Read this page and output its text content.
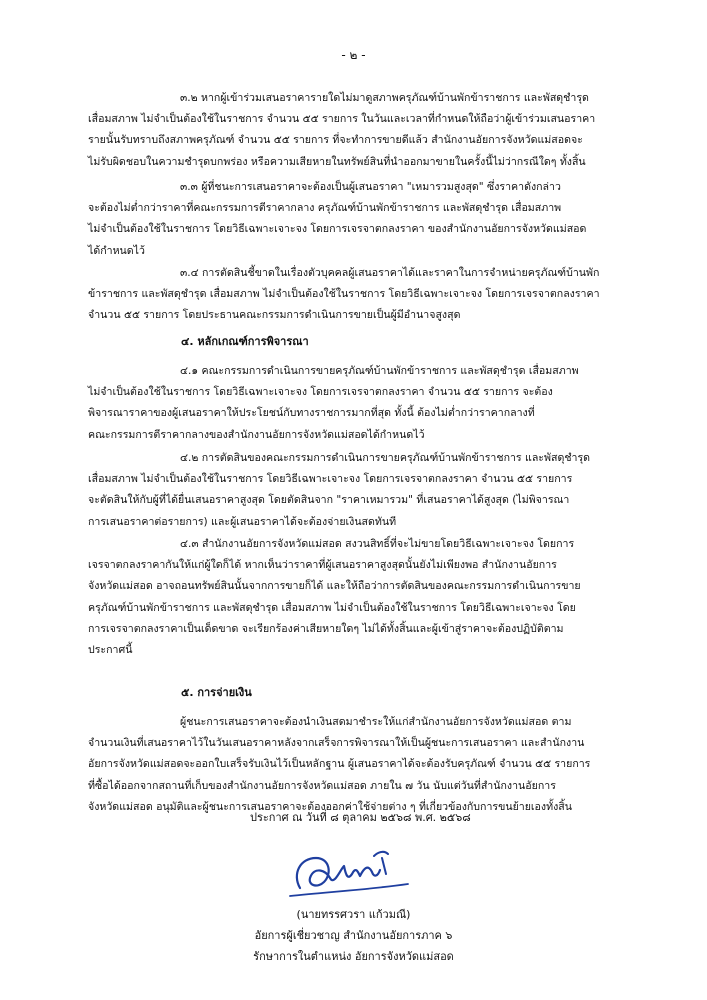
- ๒ -

๓.๒ หากผู้เข้าร่วมเสนอราคารายใดไม่มาดูสภาพครุภัณฑ์บ้านพักข้าราชการ และพัสดุชำรุด
เสื่อมสภาพ ไม่จำเป็นต้องใช้ในราชการ จำนวน ๕๕ รายการ ในวันและเวลาที่กำหนดให้ถือว่าผู้เข้าร่วมเสนอราคา
รายนั้นรับทราบถึงสภาพครุภัณฑ์ จำนวน ๕๕ รายการ ที่จะทำการขายดีแล้ว สำนักงานอัยการจังหวัดแม่สอดจะ
ไม่รับผิดชอบในความชำรุดบกพร่อง หรือความเสียหายในทรัพย์สินที่นำออกมาขายในครั้งนี้ไม่ว่ากรณีใดๆ ทั้งสิ้น

๓.๓ ผู้ที่ชนะการเสนอราคาจะต้องเป็นผู้เสนอราคา "เหมารวมสูงสุด" ซึ่งราคาดังกล่าว
จะต้องไม่ต่ำกว่าราคาที่คณะกรรมการตีราคากลาง ครุภัณฑ์บ้านพักข้าราชการ และพัสดุชำรุด เสื่อมสภาพ
ไม่จำเป็นต้องใช้ในราชการ โดยวิธีเฉพาะเจาะจง โดยการเจรจาตกลงราคา ของสำนักงานอัยการจังหวัดแม่สอด
ได้กำหนดไว้

๓.๔ การตัดสินชี้ขาดในเรื่องตัวบุคคลผู้เสนอราคาได้และราคาในการจำหน่ายครุภัณฑ์บ้านพัก
ข้าราชการ และพัสดุชำรุด เสื่อมสภาพ ไม่จำเป็นต้องใช้ในราชการ โดยวิธีเฉพาะเจาะจง โดยการเจรจาตกลงราคา
จำนวน ๕๕ รายการ โดยประธานคณะกรรมการดำเนินการขายเป็นผู้มีอำนาจสูงสุด

๔. หลักเกณฑ์การพิจารณา

๔.๑ คณะกรรมการดำเนินการขายครุภัณฑ์บ้านพักข้าราชการ และพัสดุชำรุด เสื่อมสภาพ
ไม่จำเป็นต้องใช้ในราชการ โดยวิธีเฉพาะเจาะจง โดยการเจรจาตกลงราคา จำนวน ๕๕ รายการ จะต้อง
พิจารณาราคาของผู้เสนอราคาให้ประโยชน์กับทางราชการมากที่สุด ทั้งนี้ ต้องไม่ต่ำกว่าราคากลางที่
คณะกรรมการตีราคากลางของสำนักงานอัยการจังหวัดแม่สอดได้กำหนดไว้

๔.๒ การตัดสินของคณะกรรมการดำเนินการขายครุภัณฑ์บ้านพักข้าราชการ และพัสดุชำรุด
เสื่อมสภาพ ไม่จำเป็นต้องใช้ในราชการ โดยวิธีเฉพาะเจาะจง โดยการเจรจาตกลงราคา จำนวน ๕๕ รายการ
จะตัดสินให้กับผู้ที่ได้ยื่นเสนอราคาสูงสุด โดยตัดสินจาก "ราคาเหมารวม" ที่เสนอราคาได้สูงสุด (ไม่พิจารณา
การเสนอราคาต่อรายการ) และผู้เสนอราคาได้จะต้องจ่ายเงินสดทันที

๔.๓ สำนักงานอัยการจังหวัดแม่สอด สงวนสิทธิ์ที่จะไม่ขายโดยวิธีเฉพาะเจาะจง โดยการ
เจรจาตกลงราคากันให้แก่ผู้ใดก็ได้ หากเห็นว่าราคาที่ผู้เสนอราคาสูงสุดนั้นยังไม่เพียงพอ สำนักงานอัยการ
จังหวัดแม่สอด อาจถอนทรัพย์สินนั้นจากการขายก็ได้ และให้ถือว่าการตัดสินของคณะกรรมการดำเนินการขาย
ครุภัณฑ์บ้านพักข้าราชการ และพัสดุชำรุด เสื่อมสภาพ ไม่จำเป็นต้องใช้ในราชการ โดยวิธีเฉพาะเจาะจง โดย
การเจรจาตกลงราคาเป็นเด็ดขาด จะเรียกร้องค่าเสียหายใดๆ ไม่ได้ทั้งสิ้นและผู้เข้าสู่ราคาจะต้องปฏิบัติตาม
ประกาศนี้

๕. การจ่ายเงิน

ผู้ชนะการเสนอราคาจะต้องนำเงินสดมาชำระให้แก่สำนักงานอัยการจังหวัดแม่สอด ตาม
จำนวนเงินที่เสนอราคาไว้ในวันเสนอราคาหลังจากเสร็จการพิจารณาให้เป็นผู้ชนะการเสนอราคา และสำนักงาน
อัยการจังหวัดแม่สอดจะออกใบเสร็จรับเงินไว้เป็นหลักฐาน ผู้เสนอราคาได้จะต้องรับครุภัณฑ์ จำนวน ๕๕ รายการ
ที่ซื้อได้ออกจากสถานที่เก็บของสำนักงานอัยการจังหวัดแม่สอด ภายใน ๗ วัน นับแต่วันที่สำนักงานอัยการ
จังหวัดแม่สอด อนุมัติและผู้ชนะการเสนอราคาจะต้องออกค่าใช้จ่ายต่าง ๆ ที่เกี่ยวข้องกับการขนย้ายเองทั้งสิ้น

ประกาศ ณ วันที่ ๘ ตุลาคม ๒๕๖๘ พ.ศ. ๒๕๖๘
(นายทรรศวรา แก้วมณี)
อัยการผู้เชี่ยวชาญ สำนักงานอัยการภาค ๖
รักษาการในตำแหน่ง อัยการจังหวัดแม่สอด
